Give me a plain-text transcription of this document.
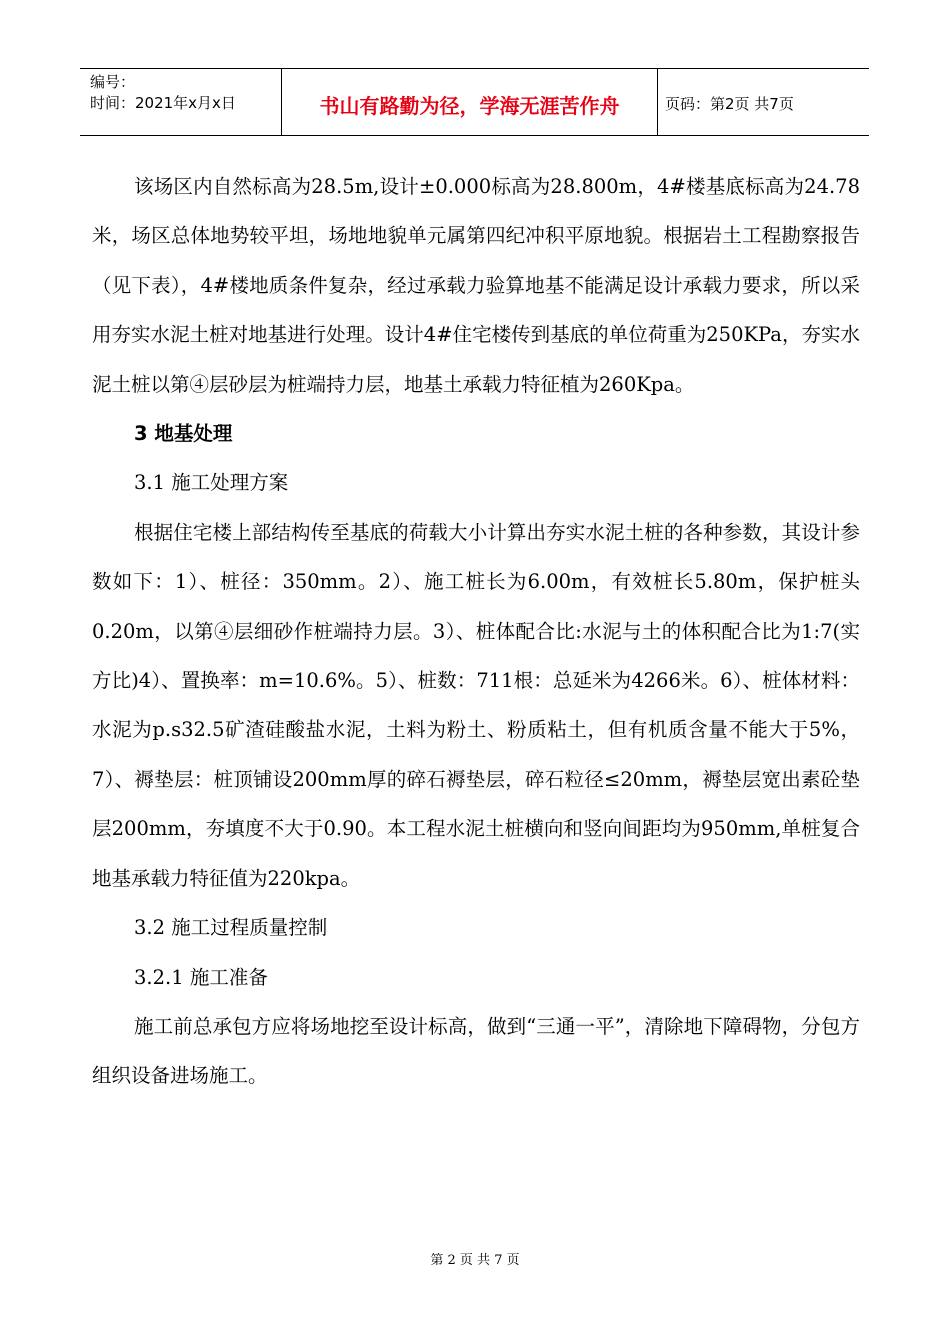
编号：
时间：2021年x月x日	书山有路勤为径，学海无涯苦作舟	页码：第2页 共7页

该场区内自然标高为28.5m,设计±0.000标高为28.800m，4#楼基底标高为24.78米，场区总体地势较平坦，场地地貌单元属第四纪冲积平原地貌。根据岩土工程勘察报告（见下表），4#楼地质条件复杂，经过承载力验算地基不能满足设计承载力要求，所以采用夯实水泥土桩对地基进行处理。设计4#住宅楼传到基底的单位荷重为250KPa，夯实水泥土桩以第④层砂层为桩端持力层，地基土承载力特征植为260Kpa。

3 地基处理

3.1 施工处理方案

根据住宅楼上部结构传至基底的荷载大小计算出夯实水泥土桩的各种参数，其设计参数如下：1）、桩径：350mm。2）、施工桩长为6.00m，有效桩长5.80m，保护桩头0.20m，以第④层细砂作桩端持力层。3）、桩体配合比:水泥与土的体积配合比为1:7(实方比)4）、置换率：m=10.6%。5）、桩数：711根：总延米为4266米。6）、桩体材料：水泥为p.s32.5矿渣硅酸盐水泥，土料为粉土、粉质粘土，但有机质含量不能大于5%，7）、褥垫层：桩顶铺设200mm厚的碎石褥垫层，碎石粒径≤20mm，褥垫层宽出素砼垫层200mm，夯填度不大于0.90。本工程水泥土桩横向和竖向间距均为950mm,单桩复合地基承载力特征值为220kpa。

3.2 施工过程质量控制

3.2.1 施工准备

施工前总承包方应将场地挖至设计标高，做到“三通一平”，清除地下障碍物，分包方组织设备进场施工。

第 2 页 共 7 页
